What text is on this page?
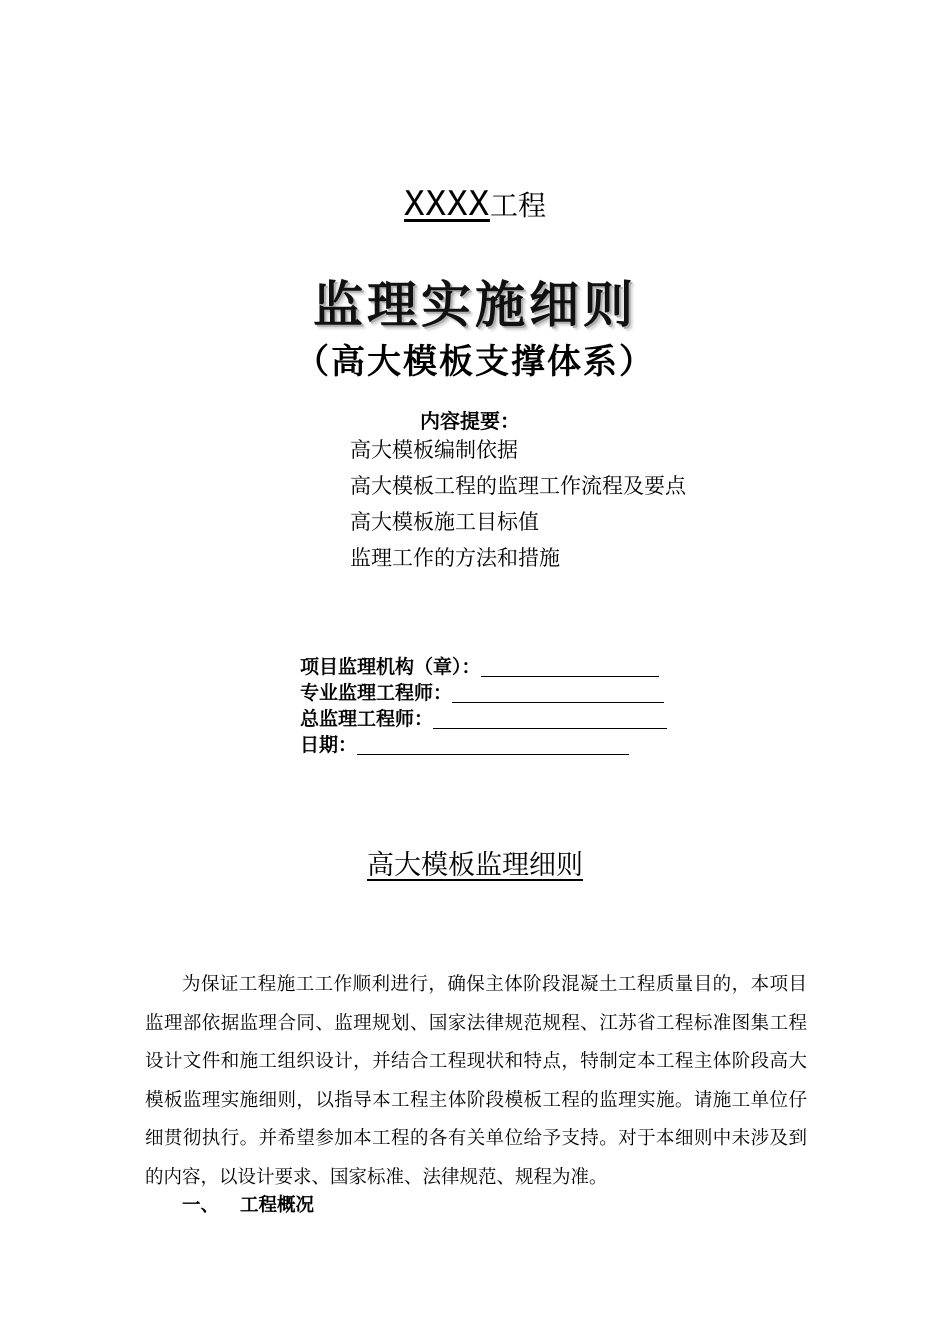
XXXX工程
监理实施细则
（高大模板支撑体系）
内容提要：
高大模板编制依据
高大模板工程的监理工作流程及要点
高大模板施工目标值
监理工作的方法和措施
项目监理机构（章）：
专业监理工程师：
总监理工程师：
日期：
高大模板监理细则

为保证工程施工工作顺利进行，确保主体阶段混凝土工程质量目的，本项目监理部依据监理合同、监理规划、国家法律规范规程、江苏省工程标准图集工程设计文件和施工组织设计，并结合工程现状和特点，特制定本工程主体阶段高大模板监理实施细则，以指导本工程主体阶段模板工程的监理实施。请施工单位仔细贯彻执行。并希望参加本工程的各有关单位给予支持。对于本细则中未涉及到的内容，以设计要求、国家标准、法律规范、规程为准。

一、 工程概况
